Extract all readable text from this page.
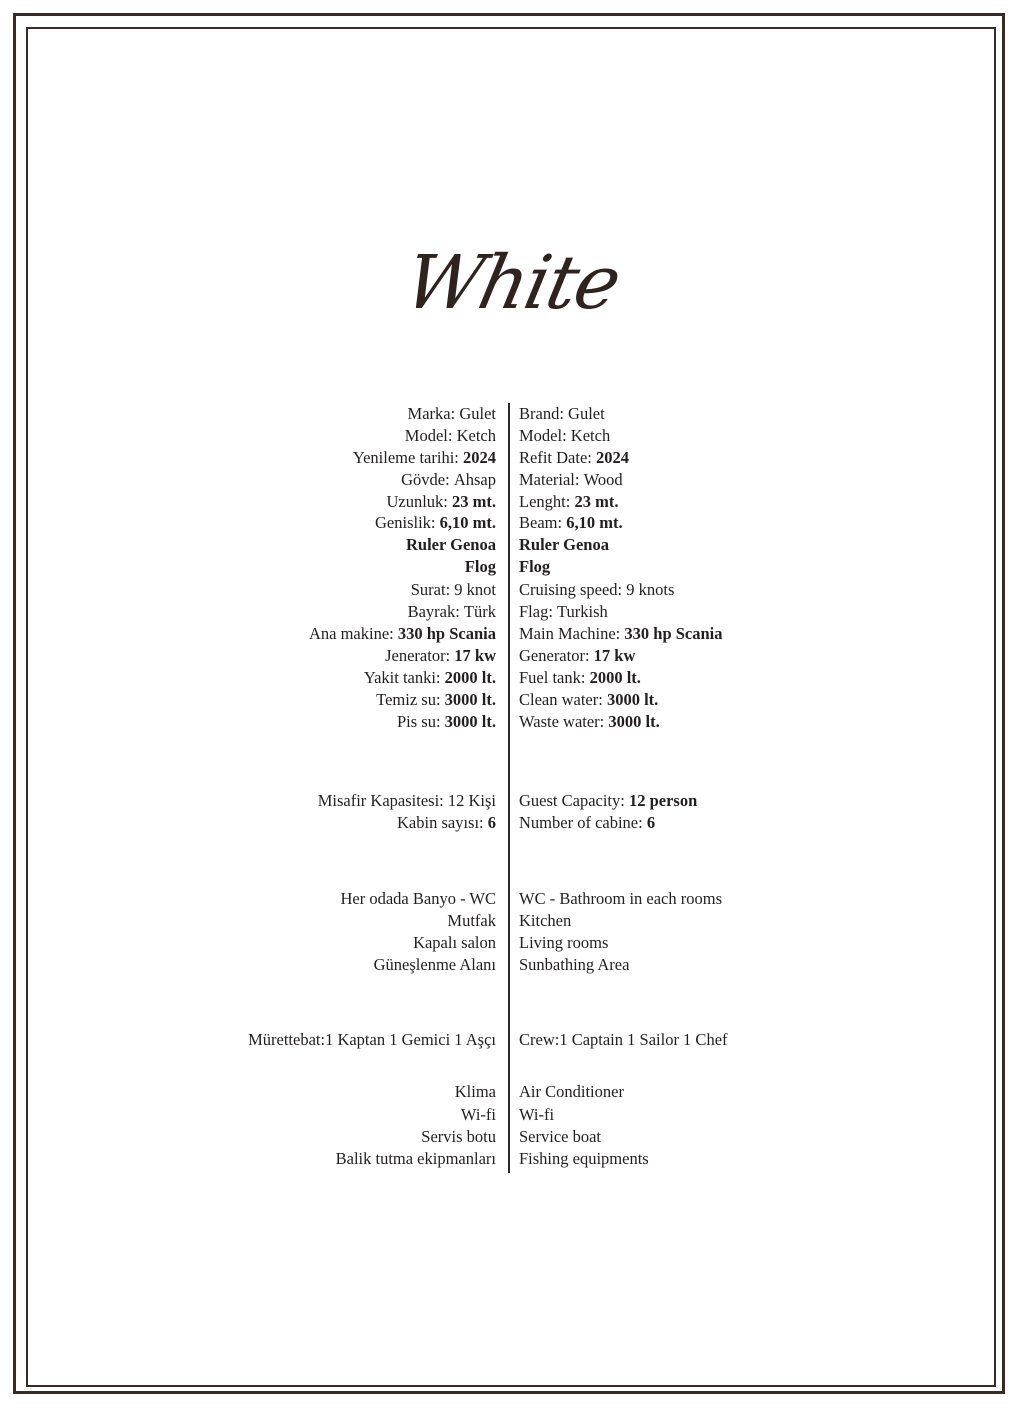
White
Marka: Gulet
Model: Ketch
Yenileme tarihi: 2024
Gövde: Ahsap
Uzunluk: 23 mt.
Genislik: 6,10 mt.
Ruler Genoa
Flog
Surat: 9 knot
Bayrak: Türk
Ana makine: 330 hp Scania
Jenerator: 17 kw
Yakit tanki: 2000 lt.
Temiz su: 3000 lt.
Pis su: 3000 lt.
Misafir Kapasitesi: 12 Kişi
Kabin sayısı: 6
Her odada Banyo - WC
Mutfak
Kapalı salon
Güneşlenme Alanı
Mürettebat:1 Kaptan 1 Gemici 1 Aşçı
Klima
Wi-fi
Servis botu
Balik tutma ekipmanları
Brand: Gulet
Model: Ketch
Refit Date: 2024
Material: Wood
Lenght: 23 mt.
Beam: 6,10 mt.
Ruler Genoa
Flog
Cruising speed: 9 knots
Flag: Turkish
Main Machine: 330 hp Scania
Generator: 17 kw
Fuel tank: 2000 lt.
Clean water: 3000 lt.
Waste water: 3000 lt.
Guest Capacity: 12 person
Number of cabine: 6
WC - Bathroom in each rooms
Kitchen
Living rooms
Sunbathing Area
Crew:1 Captain 1 Sailor 1 Chef
Air Conditioner
Wi-fi
Service boat
Fishing equipments
